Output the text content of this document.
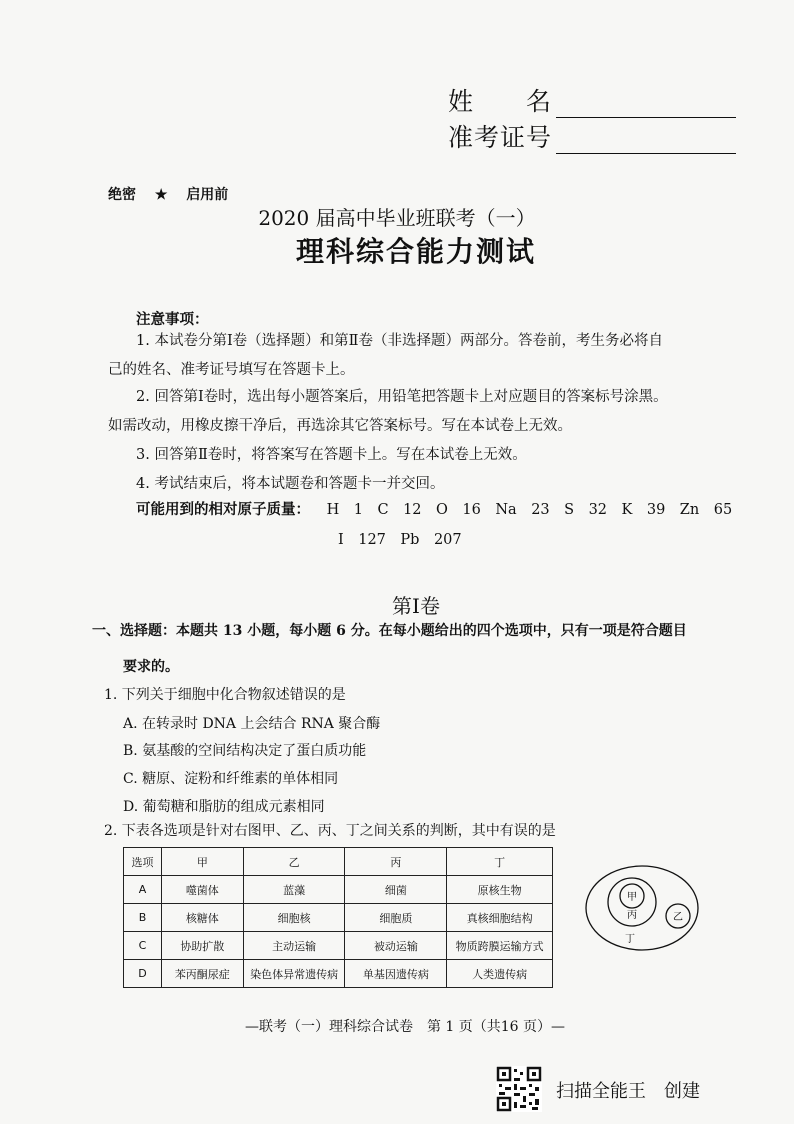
姓　　名
准考证号
绝密 ★ 启用前
2020 届高中毕业班联考（一）
理科综合能力测试
注意事项：
1. 本试卷分第Ⅰ卷（选择题）和第Ⅱ卷（非选择题）两部分。答卷前，考生务必将自
己的姓名、准考证号填写在答题卡上。
2. 回答第Ⅰ卷时，选出每小题答案后，用铅笔把答题卡上对应题目的答案标号涂黑。
如需改动，用橡皮擦干净后，再选涂其它答案标号。写在本试卷上无效。
3. 回答第Ⅱ卷时，将答案写在答题卡上。写在本试卷上无效。
4. 考试结束后，将本试题卷和答题卡一并交回。
可能用到的相对原子质量： H　1　C　12　O　16　Na　23　S　32　K　39　Zn　65
I　127　Pb　207
第Ⅰ卷
一、选择题：本题共 13 小题，每小题 6 分。在每小题给出的四个选项中，只有一项是符合题目
要求的。
1. 下列关于细胞中化合物叙述错误的是
A. 在转录时 DNA 上会结合 RNA 聚合酶
B. 氨基酸的空间结构决定了蛋白质功能
C. 糖原、淀粉和纤维素的单体相同
D. 葡萄糖和脂肪的组成元素相同
2. 下表各选项是针对右图甲、乙、丙、丁之间关系的判断，其中有误的是
选项	甲	乙	丙	丁
A	噬菌体	蓝藻	细菌	原核生物
B	核糖体	细胞核	细胞质	真核细胞结构
C	协助扩散	主动运输	被动运输	物质跨膜运输方式
D	苯丙酮尿症	染色体异常遗传病	单基因遗传病	人类遗传病
甲
丙	乙
丁
—联考（一）理科综合试卷　第 1 页（共16 页）—
扫描全能王　创建
